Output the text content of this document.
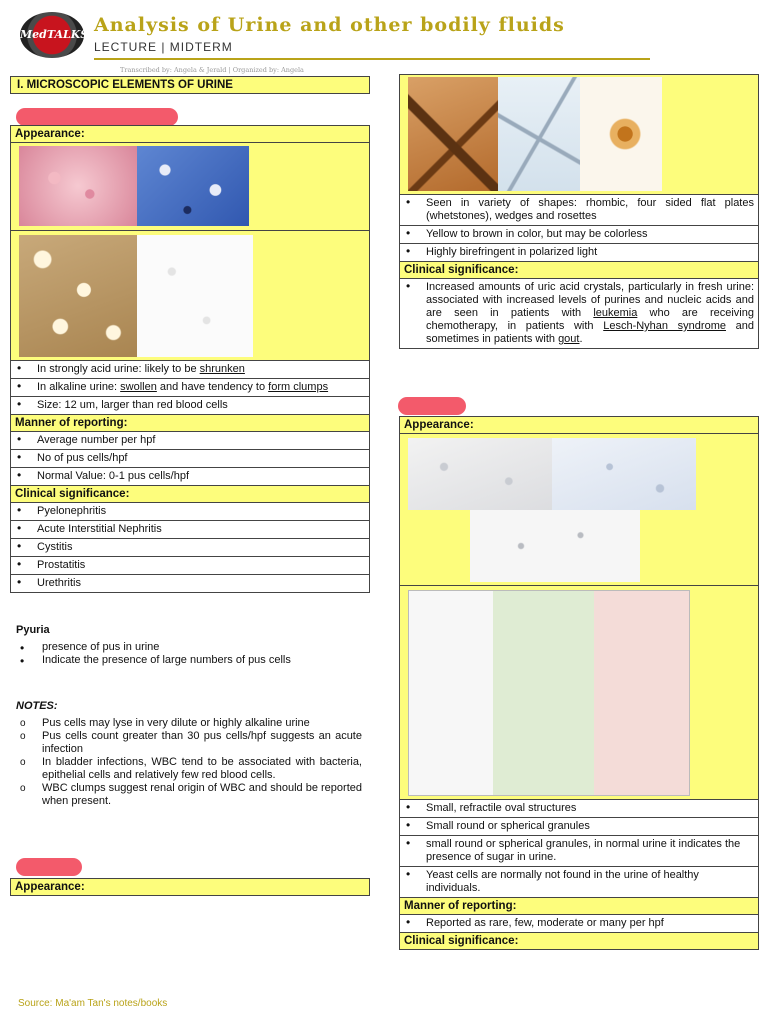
MedTALKS Analysis of Urine and other bodily fluids
LECTURE | MIDTERM
Transcribed by: Angela & Jerald | Organized by: Angela
I. MICROSCOPIC ELEMENTS OF URINE
Appearance:
• In strongly acid urine: likely to be shrunken
• In alkaline urine: swollen and have tendency to form clumps
• Size: 12 um, larger than red blood cells
Manner of reporting:
• Average number per hpf
• No of pus cells/hpf
• Normal Value: 0-1 pus cells/hpf
Clinical significance:
• Pyelonephritis
• Acute Interstitial Nephritis
• Cystitis
• Prostatitis
• Urethritis
Pyuria
• presence of pus in urine
• Indicate the presence of large numbers of pus cells
NOTES:
o Pus cells may lyse in very dilute or highly alkaline urine
o Pus cells count greater than 30 pus cells/hpf suggests an acute infection
o In bladder infections, WBC tend to be associated with bacteria, epithelial cells and relatively few red blood cells.
o WBC clumps suggest renal origin of WBC and should be reported when present.
Appearance:
• Seen in variety of shapes: rhombic, four sided flat plates (whetstones), wedges and rosettes
• Yellow to brown in color, but may be colorless
• Highly birefringent in polarized light
Clinical significance:
• Increased amounts of uric acid crystals, particularly in fresh urine: associated with increased levels of purines and nucleic acids and are seen in patients with leukemia who are receiving chemotherapy, in patients with Lesch-Nyhan syndrome and sometimes in patients with gout.
Appearance:
• Small, refractile oval structures
• Small round or spherical granules
• small round or spherical granules, in normal urine it indicates the presence of sugar in urine.
• Yeast cells are normally not found in the urine of healthy individuals.
Manner of reporting:
• Reported as rare, few, moderate or many per hpf
Clinical significance:
Source: Ma'am Tan's notes/books
